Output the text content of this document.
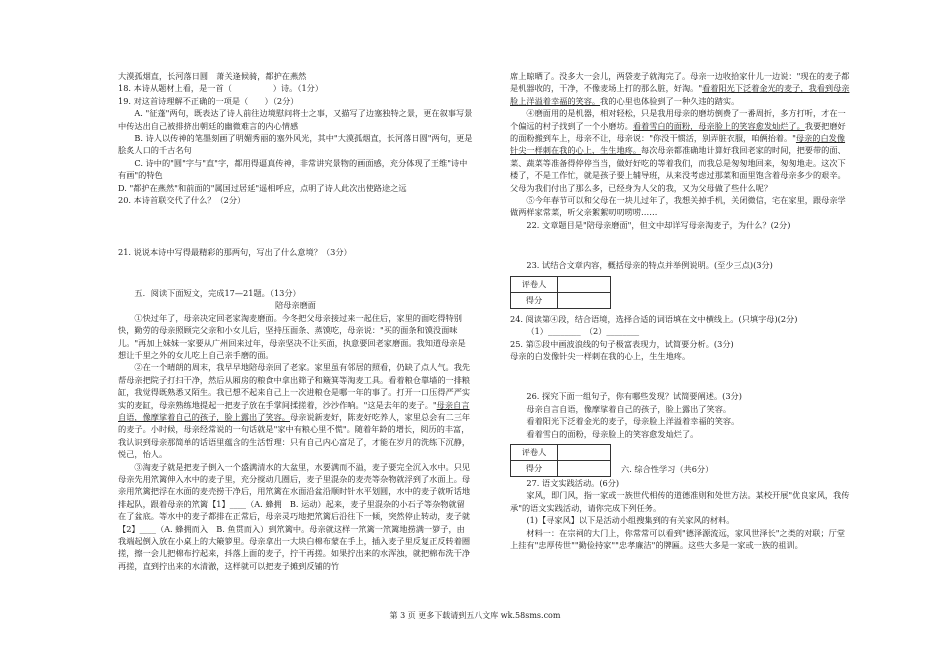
大漠孤烟直，长河落日圆　萧关逢候骑，都护在燕然

18. 本诗从题材上看，是一首（　　　　　）诗。（1分）

19. 对这首诗理解不正确的一项是（　　）（2分）

A. "征蓬"两句，既表达了诗人前往边境慰问将士之事，又描写了边塞独特之景，更在叙事写景中传达出自己被排挤出朝廷的幽微难言的内心情感

B. 诗人以传神的笔墨刻画了明媚秀丽的塞外风光，其中"大漠孤烟直，长河落日圆"两句，更是脍炙人口的千古名句

C. 诗中的"圆"字与"直"字，都用得逼真传神，非常讲究景物的画面感，充分体现了王维"诗中有画"的特色

D. "都护在燕然"和前面的"属国过居延"遥相呼应，点明了诗人此次出使路途之远

20. 本诗首联交代了什么？（2分）

21. 说说本诗中写得最精彩的那两句，写出了什么意境？（3分）

五．阅读下面短文，完成17—21题。（13分）

陪母亲磨面

①快过年了，母亲决定回老家淘麦磨面。今冬把父母亲接过来一起住后，家里的面吃得特别快，勤劳的母亲照顾完父亲和小女儿后，坚持压面条、蒸馍吃，母亲说："买的面条和馍没面味儿。"再加上妹妹一家要从广州回来过年，母亲坚决不让买面，执意要回老家磨面。我知道母亲是想让千里之外的女儿吃上自己亲手磨的面。

②在一个晴朗的周末，我早早地陪母亲回了老家。家里虽有邻居的照看，仍缺了点人气。我先帮母亲把院子打扫干净，然后从厢房的粮食中拿出筛子和簸箕等淘麦工具。看着粮仓靠墙的一排粮缸，我觉得既熟悉又陌生。我已想不起来自己上一次进粮仓是哪一年的事了。打开一口压得严严实实的麦缸，母亲熟练地提起一把麦子放在手掌间揉搓着，沙沙作响。"这是去年的麦子。"母亲自言自语，像摩挲着自己的孩子，脸上露出了笑容。母亲说新麦好，陈麦好吃养人，家里总会有二三年的麦子。小时候，母亲经常说的一句话就是"家中有粮心里不慌"。随着年龄的增长，阅历的丰富，我认识到母亲那简单的话语里蕴含的生活哲理：只有自己内心富足了，才能在岁月的洗练下沉静，悦己，怡人。

③淘麦子就是把麦子倒入一个盛满清水的大盆里，水要满而不溢，麦子要完全沉入水中。只见母亲先用笊篱伸入水中的麦子里，充分搅动几圈后，麦子里混杂的麦壳等杂物就浮到了水面上。母亲用笊篱把浮在水面的麦壳捞干净后，用笊篱在水面沿盆沿顺时针水平划圆，水中的麦子就听话地排起队，跟着母亲的笊篱【1】____（A. 蜂拥　B. 运动）起来，麦子里混杂的小石子等杂物就留在了盆底。等水中的麦子都排在正常后，母亲灵巧地把笊篱后沿往下一倾，突然停止转动，麦子就【2】____（A. 蜂拥而入　B. 鱼贯而入）到笊篱中。母亲就这样一笊篱一笊篱地捞满一箩子，由我端起倒入放在小桌上的大簸箩里。母亲拿出一大块白棉布蒙在手上，插入麦子里反复正反转着圈搓，擦一会儿把棉布拧起来，抖落上面的麦子，拧干再搓。如果拧出来的水浑浊，就把棉布洗干净再搓，直到拧出来的水清澈，这样就可以把麦子摊到反铺的竹

席上晾晒了。没多大一会儿，两袋麦子就淘完了。母亲一边收拾家什儿一边说："现在的麦子都是机器收的，干净，不像麦场上打的那么脏，好淘。"看着阳光下泛着金光的麦子，我看到母亲脸上洋溢着幸福的笑容。我的心里也体验到了一种久违的踏实。

④磨面用的是机器，相对轻松，只是我用母亲的磨坊倒费了一番周折，多方打听，才在一个偏远的村子找到了一个小磨坊。看着雪白的面粉，母亲脸上的笑容愈发灿烂了。我要把磨好的面粉搬到车上，母亲不让，母亲说："你没干惯活，别弄脏衣服，咱俩抬着。"母亲的白发像针尖一样刺在我的心上，生生地疼。每次母亲都准确地计算好我回老家的时间，把要带的面、菜、蔬菜等准备得停停当当，做好好吃的等着我们，而我总是匆匆地回来，匆匆地走。这次下楼了，不是工作忙，就是孩子要上辅导班，从来没考虑过那菜和面里饱含着母亲多少的艰辛。父母为我们付出了那么多，已经身为人父的我，又为父母做了些什么呢？

⑤今年春节可以和父母在一块儿过年了，我想关掉手机，关闭微信，宅在家里，跟母亲学做两样家常菜，听父亲絮絮叨叨唠唠……

22. 文章题目是"陪母亲磨面"，但文中却详写母亲淘麦子，为什么？(2分)

23. 试结合文章内容，概括母亲的特点并举例说明。(至少三点)(3分)

评卷人	
得分	

24. 阅读第④段，结合语境，选择合适的词语填在文中横线上。(只填字母)(2分)

（1）________　（2）________

25. 第⑤段中画波浪线的句子极富表现力，试简要分析。(3分)

母亲的白发像针尖一样刺在我的心上，生生地疼。

26. 探究下面一组句子，你有哪些发现？试简要阐述。(3分)

母亲自言自语，像摩挲着自己的孩子，脸上露出了笑容。

看着阳光下泛着金光的麦子，母亲脸上洋溢着幸福的笑容。

看着雪白的面粉，母亲脸上的笑容愈发灿烂了。

评卷人	
得分		六. 综合性学习（共6分）

27. 语文实践活动。(6分)

家风，即门风，指一家或一族世代相传的道德准则和处世方法。某校开展"优良家风，我传承"的语文实践活动，请你完成下列任务。

(1)【寻家风】以下是活动小组搜集到的有关家风的材料。

材料一：在宗祠的大门上，你常常可以看到"德泽源流远，家风世泽长"之类的对联；厅堂上挂有"忠厚传世""勤俭持家""忠孝廉洁"的牌匾。这些大多是一家或一族的祖训。

第 3 页 更多下载请到五八文库 wk.58sms.com
